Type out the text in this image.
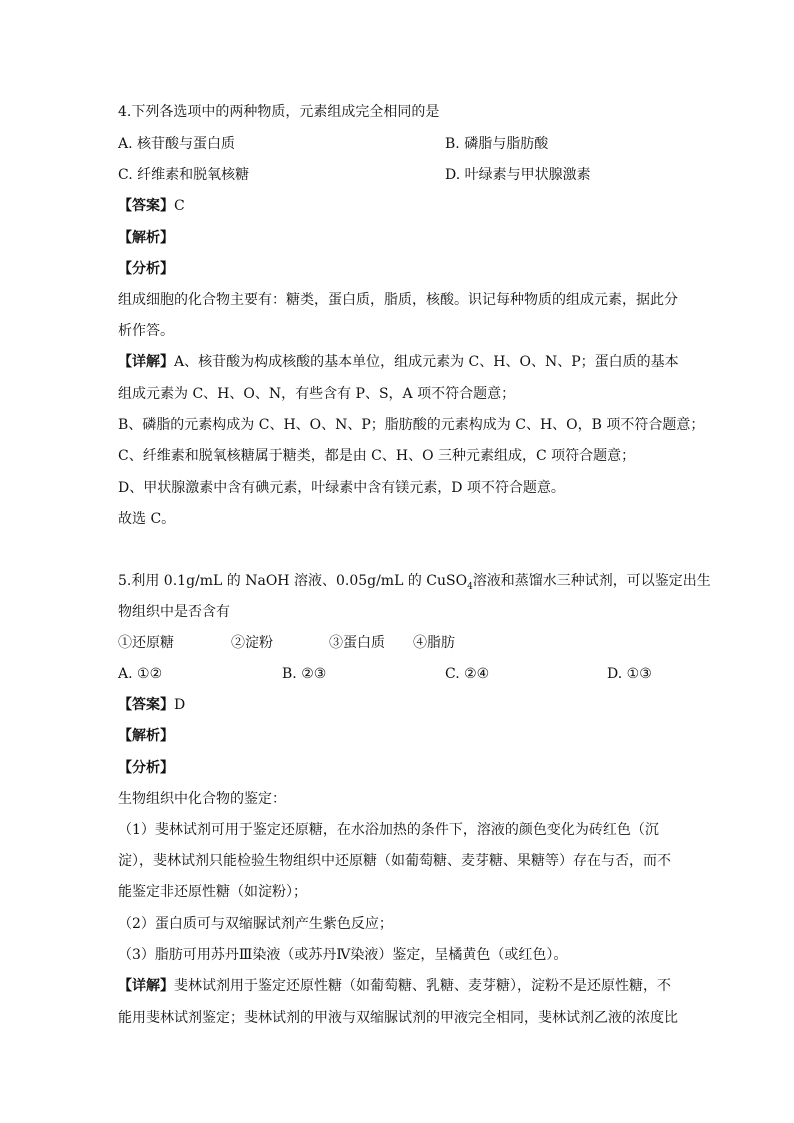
4.下列各选项中的两种物质，元素组成完全相同的是
A. 核苷酸与蛋白质	B. 磷脂与脂肪酸
C. 纤维素和脱氧核糖	D. 叶绿素与甲状腺激素
【答案】C
【解析】
【分析】
组成细胞的化合物主要有：糖类，蛋白质，脂质，核酸。识记每种物质的组成元素，据此分
析作答。
【详解】A、核苷酸为构成核酸的基本单位，组成元素为 C、H、O、N、P；蛋白质的基本
组成元素为 C、H、O、N，有些含有 P、S，A 项不符合题意；
B、磷脂的元素构成为 C、H、O、N、P；脂肪酸的元素构成为 C、H、O，B 项不符合题意；
C、纤维素和脱氧核糖属于糖类，都是由 C、H、O 三种元素组成，C 项符合题意；
D、甲状腺激素中含有碘元素，叶绿素中含有镁元素，D 项不符合题意。
故选 C。
5.利用 0.1g/mL 的 NaOH 溶液、0.05g/mL 的 CuSO$_4$溶液和蒸馏水三种试剂，可以鉴定出生
物组织中是否含有
①还原糖	②淀粉	③蛋白质 ④脂肪
A. ①②	B. ②③	C. ②④	D. ①③
【答案】D
【解析】
【分析】
生物组织中化合物的鉴定：
（1）斐林试剂可用于鉴定还原糖，在水浴加热的条件下，溶液的颜色变化为砖红色（沉
淀），斐林试剂只能检验生物组织中还原糖（如葡萄糖、麦芽糖、果糖等）存在与否，而不
能鉴定非还原性糖（如淀粉）；
（2）蛋白质可与双缩脲试剂产生紫色反应；
（3）脂肪可用苏丹Ⅲ染液（或苏丹Ⅳ染液）鉴定，呈橘黄色（或红色）。
【详解】斐林试剂用于鉴定还原性糖（如葡萄糖、乳糖、麦芽糖），淀粉不是还原性糖，不
能用斐林试剂鉴定；斐林试剂的甲液与双缩脲试剂的甲液完全相同，斐林试剂乙液的浓度比
